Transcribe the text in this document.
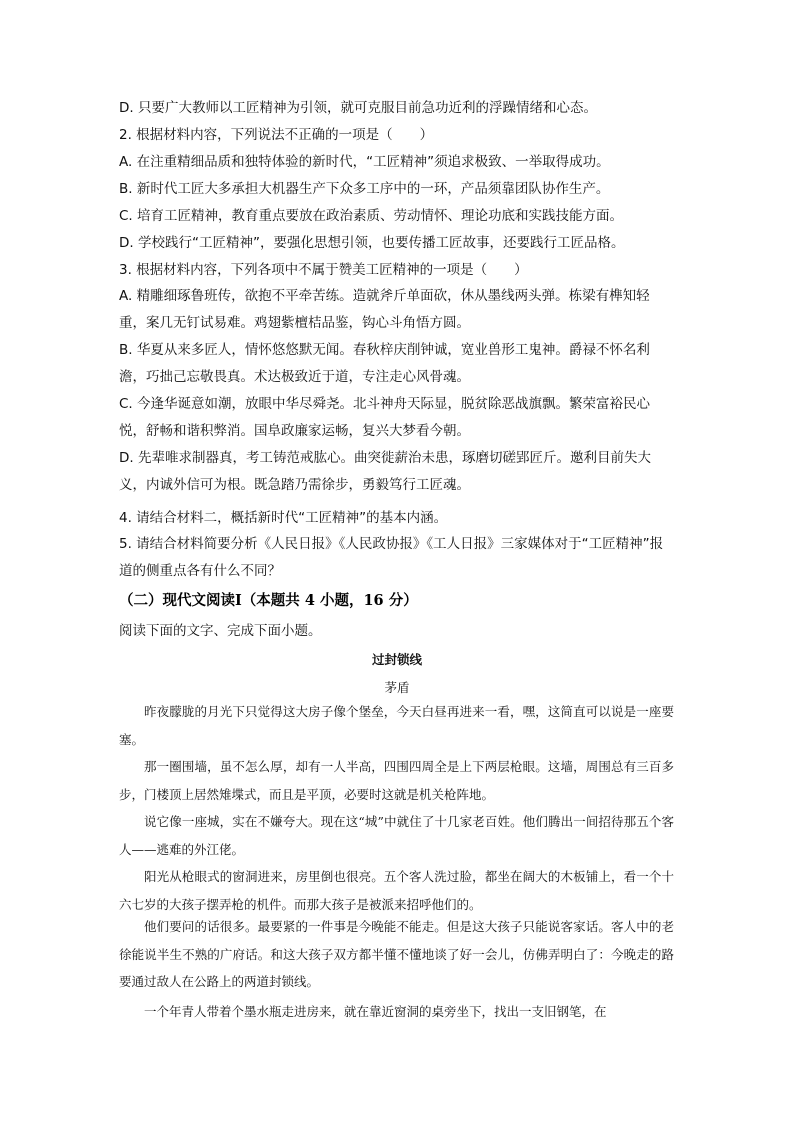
D. 只要广大教师以工匠精神为引领，就可克服目前急功近利的浮躁情绪和心态。
2. 根据材料内容，下列说法不正确的一项是（　　）
A. 在注重精细品质和独特体验的新时代，“工匠精神”须追求极致、一举取得成功。
B. 新时代工匠大多承担大机器生产下众多工序中的一环，产品须靠团队协作生产。
C. 培育工匠精神，教育重点要放在政治素质、劳动情怀、理论功底和实践技能方面。
D. 学校践行“工匠精神”，要强化思想引领，也要传播工匠故事，还要践行工匠品格。
3. 根据材料内容，下列各项中不属于赞美工匠精神的一项是（　　）
A. 精雕细琢鲁班传，欲抱不平牵苦练。造就斧斤单面砍，休从墨线两头弹。栋梁有榫知轻重，案几无钉试易难。鸡翅紫檀桔品鉴，钩心斗角悟方圆。
B. 华夏从来多匠人，情怀悠悠默无闻。春秋梓庆削钟诚，宽业兽形工鬼神。爵禄不怀名利澹，巧拙己忘敬畏真。术达极致近于道，专注走心风骨魂。
C. 今逢华诞意如潮，放眼中华尽舜尧。北斗神舟天际显，脱贫除恶战旗飘。繁荣富裕民心悦，舒畅和谐积弊消。国阜政廉家运畅，复兴大梦看今朝。
D. 先辈唯求制器真，考工铸范戒肱心。曲突徙薪治未患，琢磨切磋郢匠斤。邀利目前失大义，内诚外信可为根。既急踏乃需徐步，勇毅笃行工匠魂。
4. 请结合材料二，概括新时代“工匠精神”的基本内涵。
5. 请结合材料简要分析《人民日报》《人民政协报》《工人日报》三家媒体对于“工匠精神”报道的侧重点各有什么不同？
（二）现代文阅读Ⅰ（本题共 4 小题，16 分）
阅读下面的文字、完成下面小题。
过封锁线
茅盾
昨夜朦胧的月光下只觉得这大房子像个堡垒，今天白昼再进来一看，嘿，这简直可以说是一座要塞。
那一圈围墙，虽不怎么厚，却有一人半高，四围四周全是上下两层枪眼。这墙，周围总有三百多步，门楼顶上居然雉堞式，而且是平顶，必要时这就是机关枪阵地。
说它像一座城，实在不嫌夸大。现在这“城”中就住了十几家老百姓。他们腾出一间招待那五个客人——逃难的外江佬。
阳光从枪眼式的窗洞进来，房里倒也很亮。五个客人洗过脸，都坐在阔大的木板铺上，看一个十六七岁的大孩子摆弄枪的机件。而那大孩子是被派来招呼他们的。
他们要问的话很多。最要紧的一件事是今晚能不能走。但是这大孩子只能说客家话。客人中的老徐能说半生不熟的广府话。和这大孩子双方都半懂不懂地谈了好一会儿，仿佛弄明白了：今晚走的路要通过敌人在公路上的两道封锁线。
一个年青人带着个墨水瓶走进房来，就在靠近窗洞的桌旁坐下，找出一支旧钢笔，在
